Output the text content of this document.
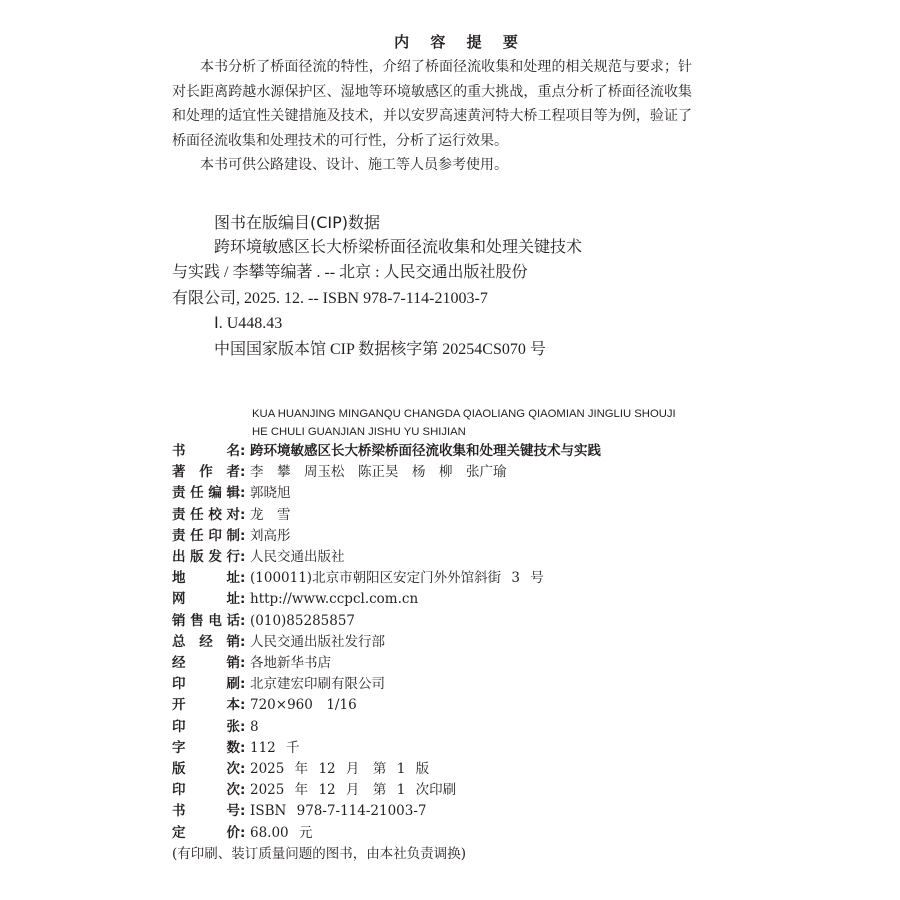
内 容 提 要

本书分析了桥面径流的特性，介绍了桥面径流收集和处理的相关规范与要求；针对长距离跨越水源保护区、湿地等环境敏感区的重大挑战，重点分析了桥面径流收集和处理的适宜性关键措施及技术，并以安罗高速黄河特大桥工程项目等为例，验证了桥面径流收集和处理技术的可行性，分析了运行效果。

本书可供公路建设、设计、施工等人员参考使用。

图书在版编目(CIP)数据
跨环境敏感区长大桥梁桥面径流收集和处理关键技术
与实践 / 李攀等编著 . -- 北京 : 人民交通出版社股份
有限公司, 2025. 12. -- ISBN 978-7-114-21003-7
Ⅰ. U448.43
中国国家版本馆 CIP 数据核字第 20254CS070 号
KUA HUANJING MINGANQU CHANGDA QIAOLIANG QIAOMIAN JINGLIU SHOUJI
HE CHULI GUANJIAN JISHU YU SHIJIAN
书名 : 跨环境敏感区长大桥梁桥面径流收集和处理关键技术与实践
著作者 : 李　攀　周玉松　陈正昊　杨　柳　张广瑜
责任编辑 : 郭晓旭
责任校对 : 龙　雪
责任印制 : 刘高彤
出版发行 : 人民交通出版社
地址 : (100011)北京市朝阳区安定门外外馆斜街 3 号
网址 : http://www.ccpcl.com.cn
销售电话 : (010)85285857
总经销 : 人民交通出版社发行部
经销 : 各地新华书店
印刷 : 北京建宏印刷有限公司
开本 : 720×960　1/16
印张 : 8
字数 : 112 千
版次 : 2025 年 12 月　第 1 版
印次 : 2025 年 12 月　第 1 次印刷
书号 : ISBN 978-7-114-21003-7
定价 : 68.00 元
(有印刷、装订质量问题的图书，由本社负责调换)
